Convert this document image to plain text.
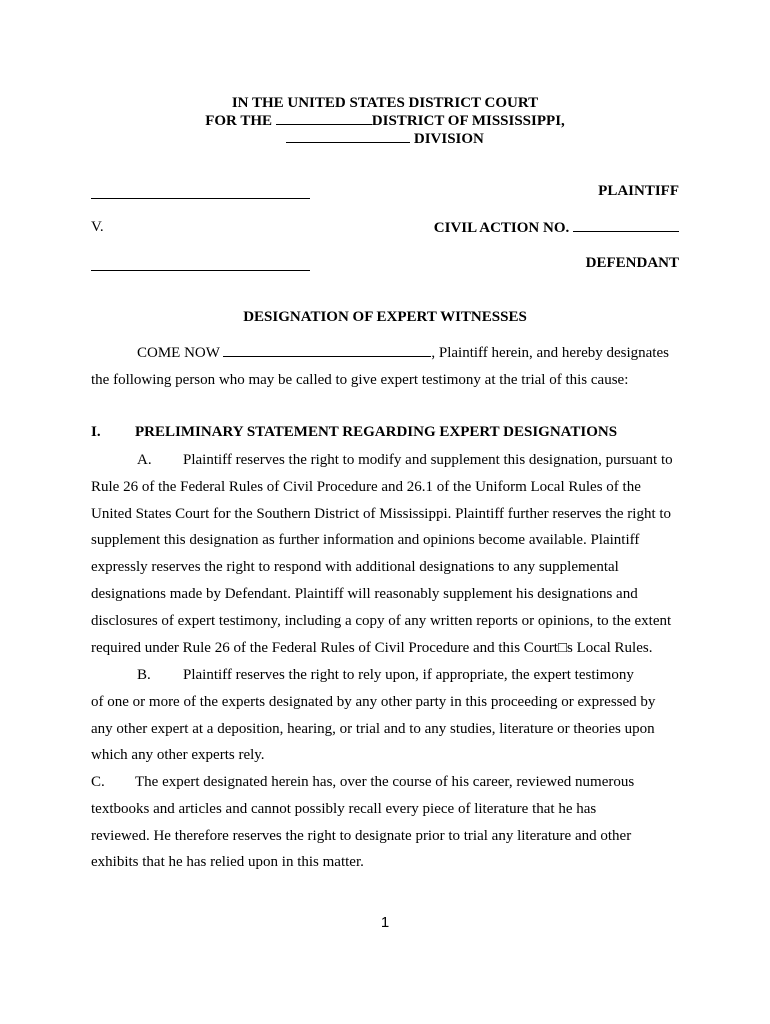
IN THE UNITED STATES DISTRICT COURT
FOR THE	DISTRICT OF MISSISSIPPI,
DIVISION
PLAINTIFF
V.	CIVIL ACTION NO.
DEFENDANT
DESIGNATION OF EXPERT WITNESSES
COME NOW	, Plaintiff herein, and hereby designates
the following person who may be called to give expert testimony at the trial of this cause:
I. PRELIMINARY STATEMENT REGARDING EXPERT DESIGNATIONS
A. Plaintiff reserves the right to modify and supplement this designation, pursuant to
Rule 26 of the Federal Rules of Civil Procedure and 26.1 of the Uniform Local Rules of the
United States Court for the Southern District of Mississippi. Plaintiff further reserves the right to
supplement this designation as further information and opinions become available. Plaintiff
expressly reserves the right to respond with additional designations to any supplemental
designations made by Defendant. Plaintiff will reasonably supplement his designations and
disclosures of expert testimony, including a copy of any written reports or opinions, to the extent
required under Rule 26 of the Federal Rules of Civil Procedure and this Court□s Local Rules.
B. Plaintiff reserves the right to rely upon, if appropriate, the expert testimony
of one or more of the experts designated by any other party in this proceeding or expressed by
any other expert at a deposition, hearing, or trial and to any studies, literature or theories upon
which any other experts rely.
C. The expert designated herein has, over the course of his career, reviewed numerous
textbooks and articles and cannot possibly recall every piece of literature that he has
reviewed. He therefore reserves the right to designate prior to trial any literature and other
exhibits that he has relied upon in this matter.
1
